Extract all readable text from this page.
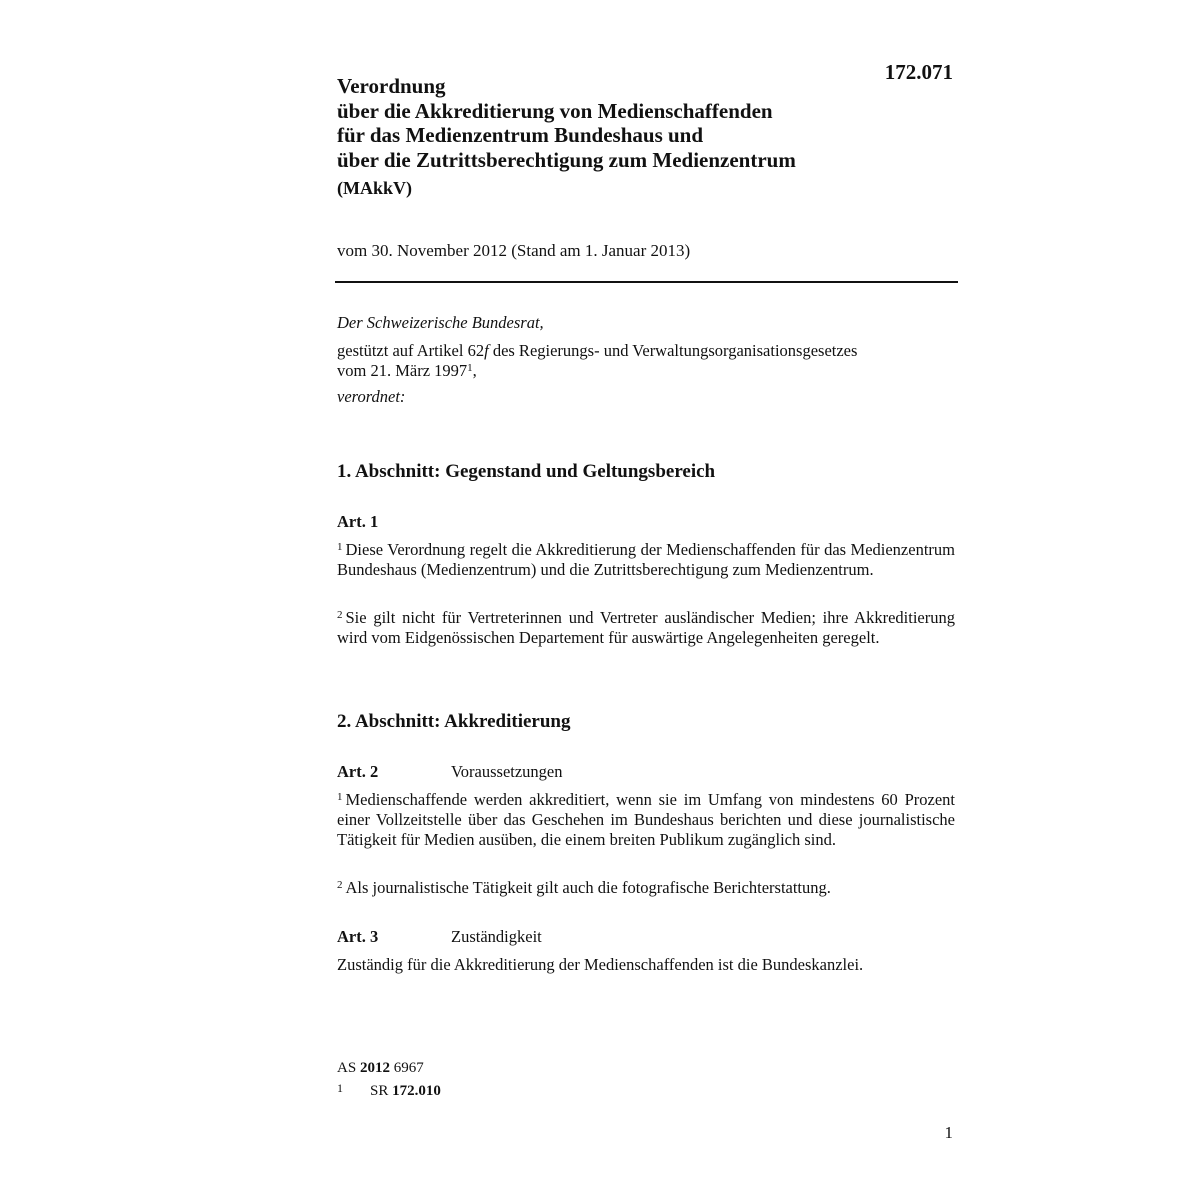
172.071
Verordnung
über die Akkreditierung von Medienschaffenden
für das Medienzentrum Bundeshaus und
über die Zutrittsberechtigung zum Medienzentrum
(MAkkV)
vom 30. November 2012 (Stand am 1. Januar 2013)
Der Schweizerische Bundesrat,
gestützt auf Artikel 62f des Regierungs- und Verwaltungsorganisationsgesetzes
vom 21. März 1997$^1$,
verordnet:
1. Abschnitt: Gegenstand und Geltungsbereich
Art. 1
$^1$ Diese Verordnung regelt die Akkreditierung der Medienschaffenden für das Medienzentrum Bundeshaus (Medienzentrum) und die Zutrittsberechtigung zum Medienzentrum.
$^2$ Sie gilt nicht für Vertreterinnen und Vertreter ausländischer Medien; ihre Akkreditierung wird vom Eidgenössischen Departement für auswärtige Angelegenheiten geregelt.
2. Abschnitt: Akkreditierung
Art. 2	Voraussetzungen
$^1$ Medienschaffende werden akkreditiert, wenn sie im Umfang von mindestens 60 Prozent einer Vollzeitstelle über das Geschehen im Bundeshaus berichten und diese journalistische Tätigkeit für Medien ausüben, die einem breiten Publikum zugänglich sind.
$^2$ Als journalistische Tätigkeit gilt auch die fotografische Berichterstattung.
Art. 3	Zuständigkeit
Zuständig für die Akkreditierung der Medienschaffenden ist die Bundeskanzlei.
AS 2012 6967
1 SR 172.010
1
